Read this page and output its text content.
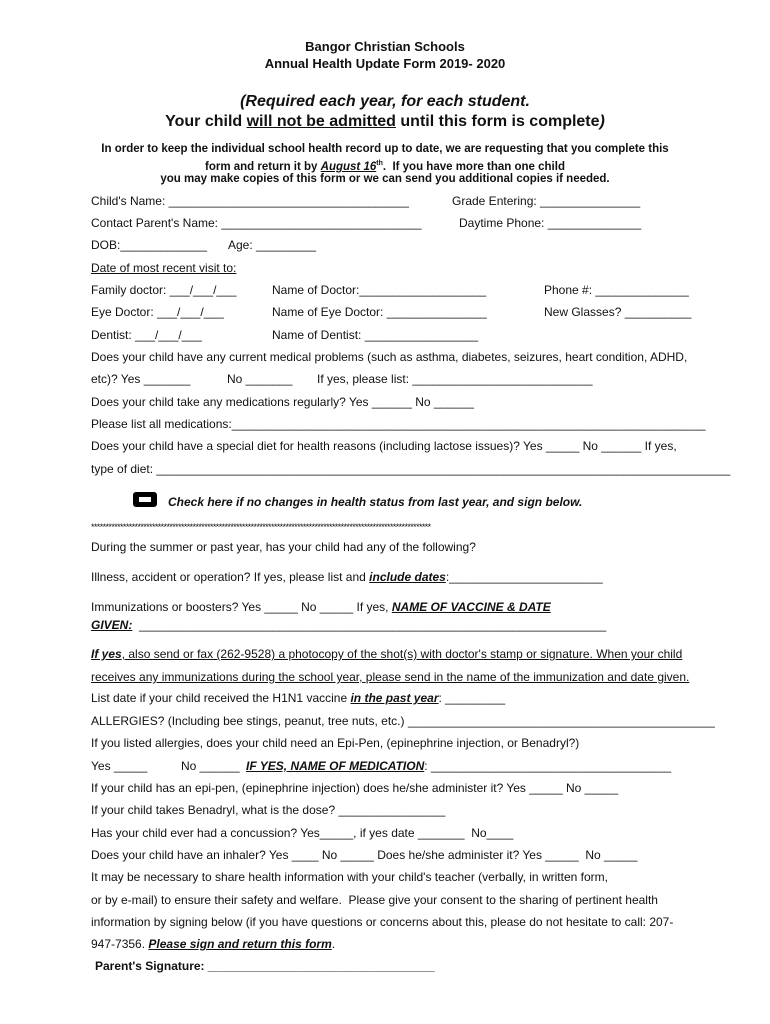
Bangor Christian Schools
Annual Health Update Form 2019- 2020
(Required each year, for each student.
Your child will not be admitted until this form is complete)
In order to keep the individual school health record up to date, we are requesting that you complete this
form and return it by August 16th.  If you have more than one child
you may make copies of this form or we can send you additional copies if needed.
Child's Name: ____________________________________	Grade Entering: _______________
Contact Parent's Name: ______________________________	Daytime Phone: ______________
DOB:_____________ Age: _________
Date of most recent visit to:
Family doctor: ___/___/___	Name of Doctor:___________________	Phone #: ______________
Eye Doctor: ___/___/___	Name of Eye Doctor: _______________	New Glasses? __________
Dentist: ___/___/___	Name of Dentist: _________________
Does your child have any current medical problems (such as asthma, diabetes, seizures, heart condition, ADHD,
etc)? Yes _______	No _______ If yes, please list: ___________________________
Does your child take any medications regularly? Yes ______ No ______
Please list all medications:_______________________________________________________________________
Does your child have a special diet for health reasons (including lactose issues)? Yes _____ No ______ If yes,
type of diet: ______________________________________________________________________________________
Check here if no changes in health status from last year, and sign below.
*********************************************************************************************************************
During the summer or past year, has your child had any of the following?
Illness, accident or operation? If yes, please list and include dates:_______________________
Immunizations or boosters? Yes _____ No _____ If yes, NAME OF VACCINE & DATE
GIVEN:  ______________________________________________________________________
If yes, also send or fax (262-9528) a photocopy of the shot(s) with doctor's stamp or signature. When your child
receives any immunizations during the school year, please send in the name of the immunization and date given.
List date if your child received the H1N1 vaccine in the past year: _________
ALLERGIES? (Including bee stings, peanut, tree nuts, etc.) ______________________________________________
If you listed allergies, does your child need an Epi-Pen, (epinephrine injection, or Benadryl?)
Yes _____	No ______ IF YES, NAME OF MEDICATION: ____________________________________
If your child has an epi-pen, (epinephrine injection) does he/she administer it? Yes _____ No _____
If your child takes Benadryl, what is the dose? ________________
Has your child ever had a concussion? Yes_____, if yes date _______  No____
Does your child have an inhaler? Yes ____ No _____ Does he/she administer it? Yes _____  No _____
It may be necessary to share health information with your child's teacher (verbally, in written form,
or by e-mail) to ensure their safety and welfare.  Please give your consent to the sharing of pertinent health
information by signing below (if you have questions or concerns about this, please do not hesitate to call: 207-
947-7356. Please sign and return this form.
Parent's Signature: __________________________________
